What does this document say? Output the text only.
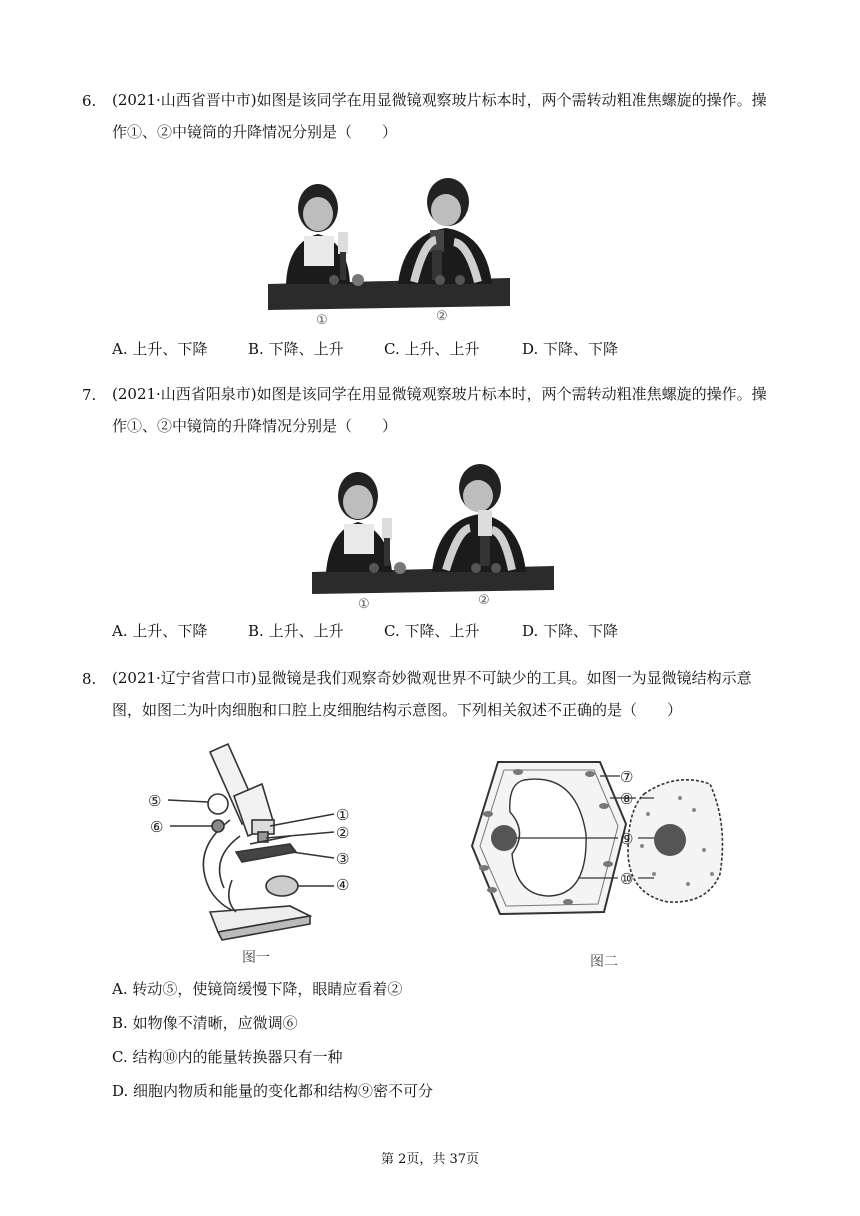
6. (2021·山西省晋中市)如图是该同学在用显微镜观察玻片标本时，两个需转动粗准焦螺旋的操作。操作①、②中镜筒的升降情况分别是（　　）
①	②
A. 上升、下降	B. 下降、上升	C. 上升、上升	D. 下降、下降
7. (2021·山西省阳泉市)如图是该同学在用显微镜观察玻片标本时，两个需转动粗准焦螺旋的操作。操作①、②中镜筒的升降情况分别是（　　）
①	②
A. 上升、下降	B. 上升、上升	C. 下降、上升	D. 下降、下降
8. (2021·辽宁省营口市)显微镜是我们观察奇妙微观世界不可缺少的工具。如图一为显微镜结构示意图，如图二为叶肉细胞和口腔上皮细胞结构示意图。下列相关叙述不正确的是（　　）
⑤
⑥
①
②
③
④
图一
⑦
⑧
⑨
⑩
图二
A. 转动⑤，使镜筒缓慢下降，眼睛应看着②
B. 如物像不清晰，应微调⑥
C. 结构⑩内的能量转换器只有一种
D. 细胞内物质和能量的变化都和结构⑨密不可分
第 2页，共 37页
